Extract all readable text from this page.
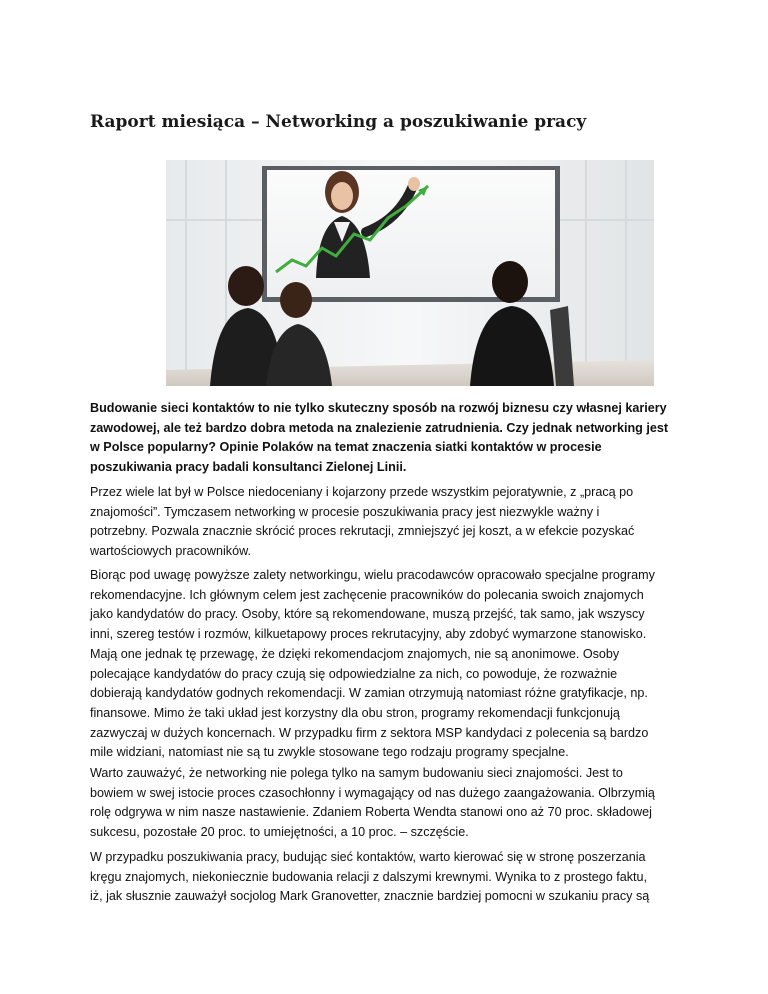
Raport miesiąca – Networking a poszukiwanie pracy

Budowanie sieci kontaktów to nie tylko skuteczny sposób na rozwój biznesu czy własnej kariery
zawodowej, ale też bardzo dobra metoda na znalezienie zatrudnienia. Czy jednak networking jest
w Polsce popularny? Opinie Polaków na temat znaczenia siatki kontaktów w procesie
poszukiwania pracy badali konsultanci Zielonej Linii.

Przez wiele lat był w Polsce niedoceniany i kojarzony przede wszystkim pejoratywnie, z „pracą po
znajomości”. Tymczasem networking w procesie poszukiwania pracy jest niezwykle ważny i
potrzebny. Pozwala znacznie skrócić proces rekrutacji, zmniejszyć jej koszt, a w efekcie pozyskać
wartościowych pracowników.

Biorąc pod uwagę powyższe zalety networkingu, wielu pracodawców opracowało specjalne programy
rekomendacyjne. Ich głównym celem jest zachęcenie pracowników do polecania swoich znajomych
jako kandydatów do pracy. Osoby, które są rekomendowane, muszą przejść, tak samo, jak wszyscy
inni, szereg testów i rozmów, kilkuetapowy proces rekrutacyjny, aby zdobyć wymarzone stanowisko.
Mają one jednak tę przewagę, że dzięki rekomendacjom znajomych, nie są anonimowe. Osoby
polecające kandydatów do pracy czują się odpowiedzialne za nich, co powoduje, że rozważnie
dobierają kandydatów godnych rekomendacji. W zamian otrzymują natomiast różne gratyfikacje, np.
finansowe. Mimo że taki układ jest korzystny dla obu stron, programy rekomendacji funkcjonują
zazwyczaj w dużych koncernach. W przypadku firm z sektora MSP kandydaci z polecenia są bardzo
mile widziani, natomiast nie są tu zwykle stosowane tego rodzaju programy specjalne.

Warto zauważyć, że networking nie polega tylko na samym budowaniu sieci znajomości. Jest to
bowiem w swej istocie proces czasochłonny i wymagający od nas dużego zaangażowania. Olbrzymią
rolę odgrywa w nim nasze nastawienie. Zdaniem Roberta Wendta stanowi ono aż 70 proc. składowej
sukcesu, pozostałe 20 proc. to umiejętności, a 10 proc. – szczęście.

W przypadku poszukiwania pracy, budując sieć kontaktów, warto kierować się w stronę poszerzania
kręgu znajomych, niekoniecznie budowania relacji z dalszymi krewnymi. Wynika to z prostego faktu,
iż, jak słusznie zauważył socjolog Mark Granovetter, znacznie bardziej pomocni w szukaniu pracy są
